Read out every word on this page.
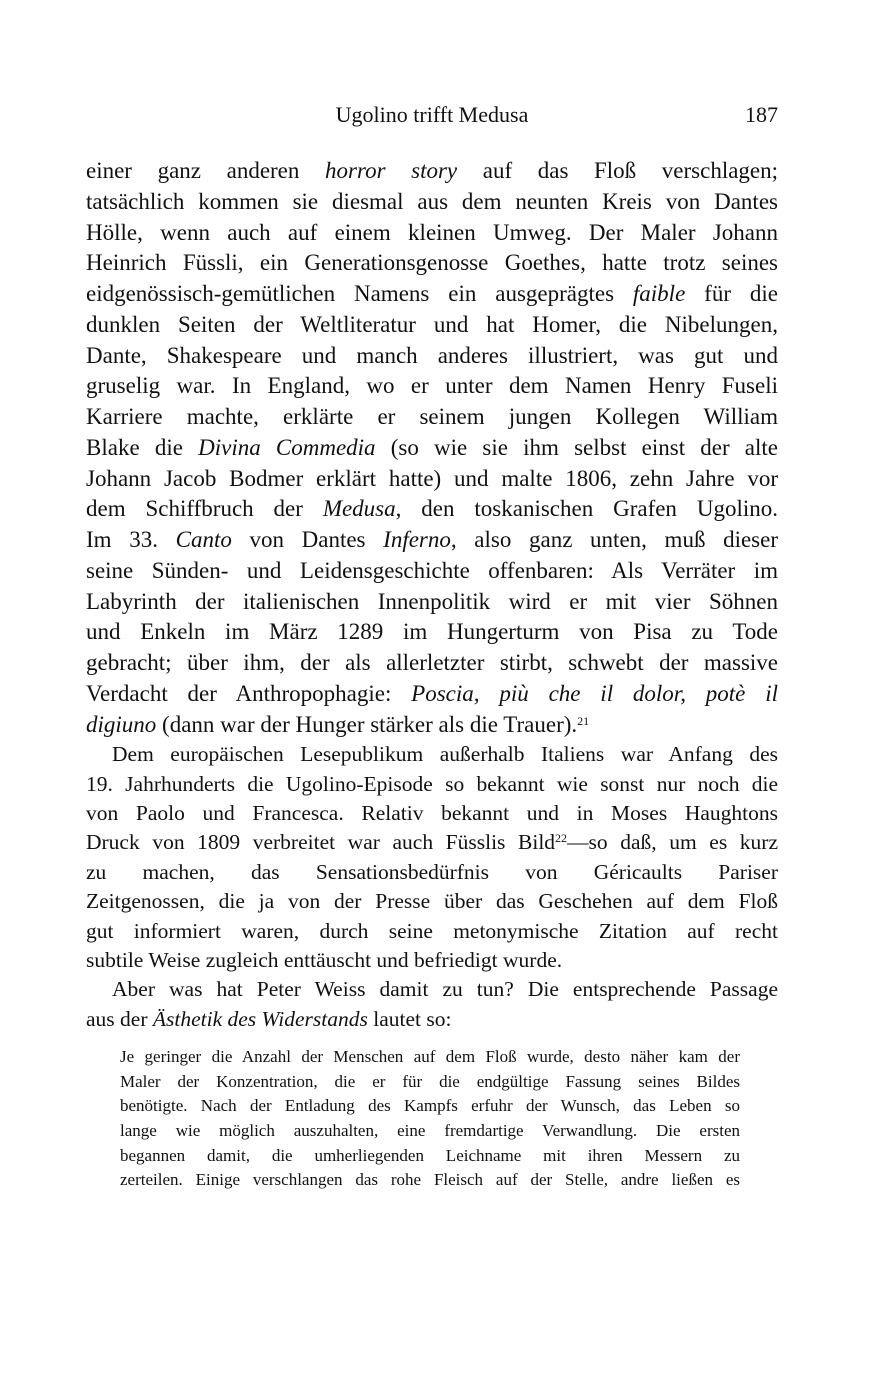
Ugolino trifft Medusa	187
einer ganz anderen horror story auf das Floß verschlagen;
tatsächlich kommen sie diesmal aus dem neunten Kreis von Dantes
Hölle, wenn auch auf einem kleinen Umweg. Der Maler Johann
Heinrich Füssli, ein Generationsgenosse Goethes, hatte trotz seines
eidgenössisch-gemütlichen Namens ein ausgeprägtes faible für die
dunklen Seiten der Weltliteratur und hat Homer, die Nibelungen,
Dante, Shakespeare und manch anderes illustriert, was gut und
gruselig war. In England, wo er unter dem Namen Henry Fuseli
Karriere machte, erklärte er seinem jungen Kollegen William
Blake die Divina Commedia (so wie sie ihm selbst einst der alte
Johann Jacob Bodmer erklärt hatte) und malte 1806, zehn Jahre vor
dem Schiffbruch der Medusa, den toskanischen Grafen Ugolino.
Im 33. Canto von Dantes Inferno, also ganz unten, muß dieser
seine Sünden- und Leidensgeschichte offenbaren: Als Verräter im
Labyrinth der italienischen Innenpolitik wird er mit vier Söhnen
und Enkeln im März 1289 im Hungerturm von Pisa zu Tode
gebracht; über ihm, der als allerletzter stirbt, schwebt der massive
Verdacht der Anthropophagie: Poscia, più che il dolor, potè il
digiuno (dann war der Hunger stärker als die Trauer).$^{21}$
Dem europäischen Lesepublikum außerhalb Italiens war Anfang des
19. Jahrhunderts die Ugolino-Episode so bekannt wie sonst nur noch die
von Paolo und Francesca. Relativ bekannt und in Moses Haughtons
Druck von 1809 verbreitet war auch Füsslis Bild$^{22}$—so daß, um es kurz
zu machen, das Sensationsbedürfnis von Géricaults Pariser
Zeitgenossen, die ja von der Presse über das Geschehen auf dem Floß
gut informiert waren, durch seine metonymische Zitation auf recht
subtile Weise zugleich enttäuscht und befriedigt wurde.
Aber was hat Peter Weiss damit zu tun? Die entsprechende Passage
aus der Ästhetik des Widerstands lautet so:
Je geringer die Anzahl der Menschen auf dem Floß wurde, desto näher kam der
Maler der Konzentration, die er für die endgültige Fassung seines Bildes
benötigte. Nach der Entladung des Kampfs erfuhr der Wunsch, das Leben so
lange wie möglich auszuhalten, eine fremdartige Verwandlung. Die ersten
begannen damit, die umherliegenden Leichname mit ihren Messern zu
zerteilen. Einige verschlangen das rohe Fleisch auf der Stelle, andre ließen es
